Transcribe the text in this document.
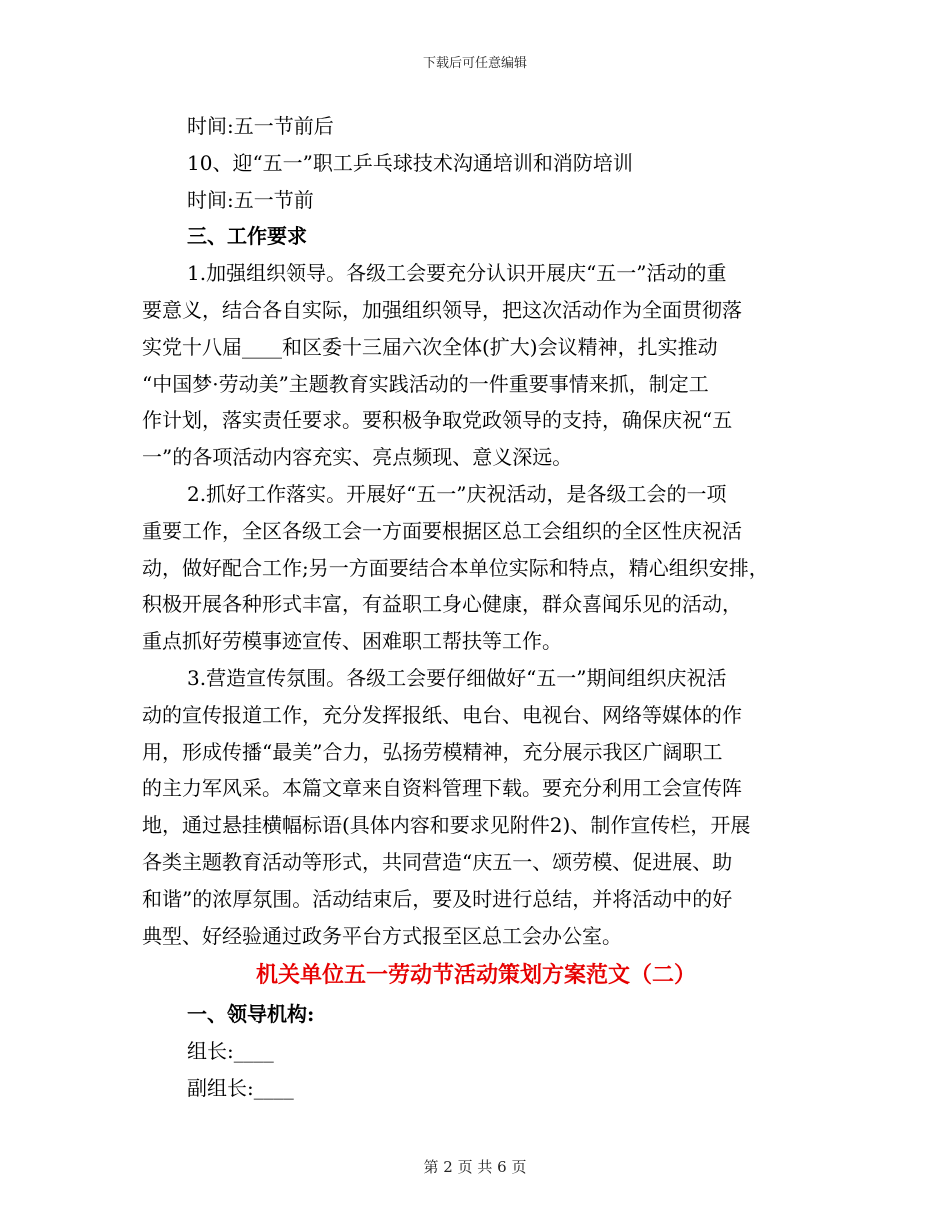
下载后可任意编辑
时间:五一节前后
10、迎“五一”职工乒乓球技术沟通培训和消防培训
时间:五一节前
三、工作要求
1.加强组织领导。各级工会要充分认识开展庆“五一”活动的重
要意义，结合各自实际，加强组织领导，把这次活动作为全面贯彻落
实党十八届____和区委十三届六次全体(扩大)会议精神，扎实推动
“中国梦·劳动美”主题教育实践活动的一件重要事情来抓，制定工
作计划，落实责任要求。要积极争取党政领导的支持，确保庆祝“五
一”的各项活动内容充实、亮点频现、意义深远。
2.抓好工作落实。开展好“五一”庆祝活动，是各级工会的一项
重要工作，全区各级工会一方面要根据区总工会组织的全区性庆祝活
动，做好配合工作;另一方面要结合本单位实际和特点，精心组织安排，
积极开展各种形式丰富，有益职工身心健康，群众喜闻乐见的活动，
重点抓好劳模事迹宣传、困难职工帮扶等工作。
3.营造宣传氛围。各级工会要仔细做好“五一”期间组织庆祝活
动的宣传报道工作，充分发挥报纸、电台、电视台、网络等媒体的作
用，形成传播“最美”合力，弘扬劳模精神，充分展示我区广阔职工
的主力军风采。本篇文章来自资料管理下载。要充分利用工会宣传阵
地，通过悬挂横幅标语(具体内容和要求见附件2)、制作宣传栏，开展
各类主题教育活动等形式，共同营造“庆五一、颂劳模、促进展、助
和谐”的浓厚氛围。活动结束后，要及时进行总结，并将活动中的好
典型、好经验通过政务平台方式报至区总工会办公室。
机关单位五一劳动节活动策划方案范文（二）
一、领导机构:
组长:____
副组长:____
第 2 页 共 6 页
